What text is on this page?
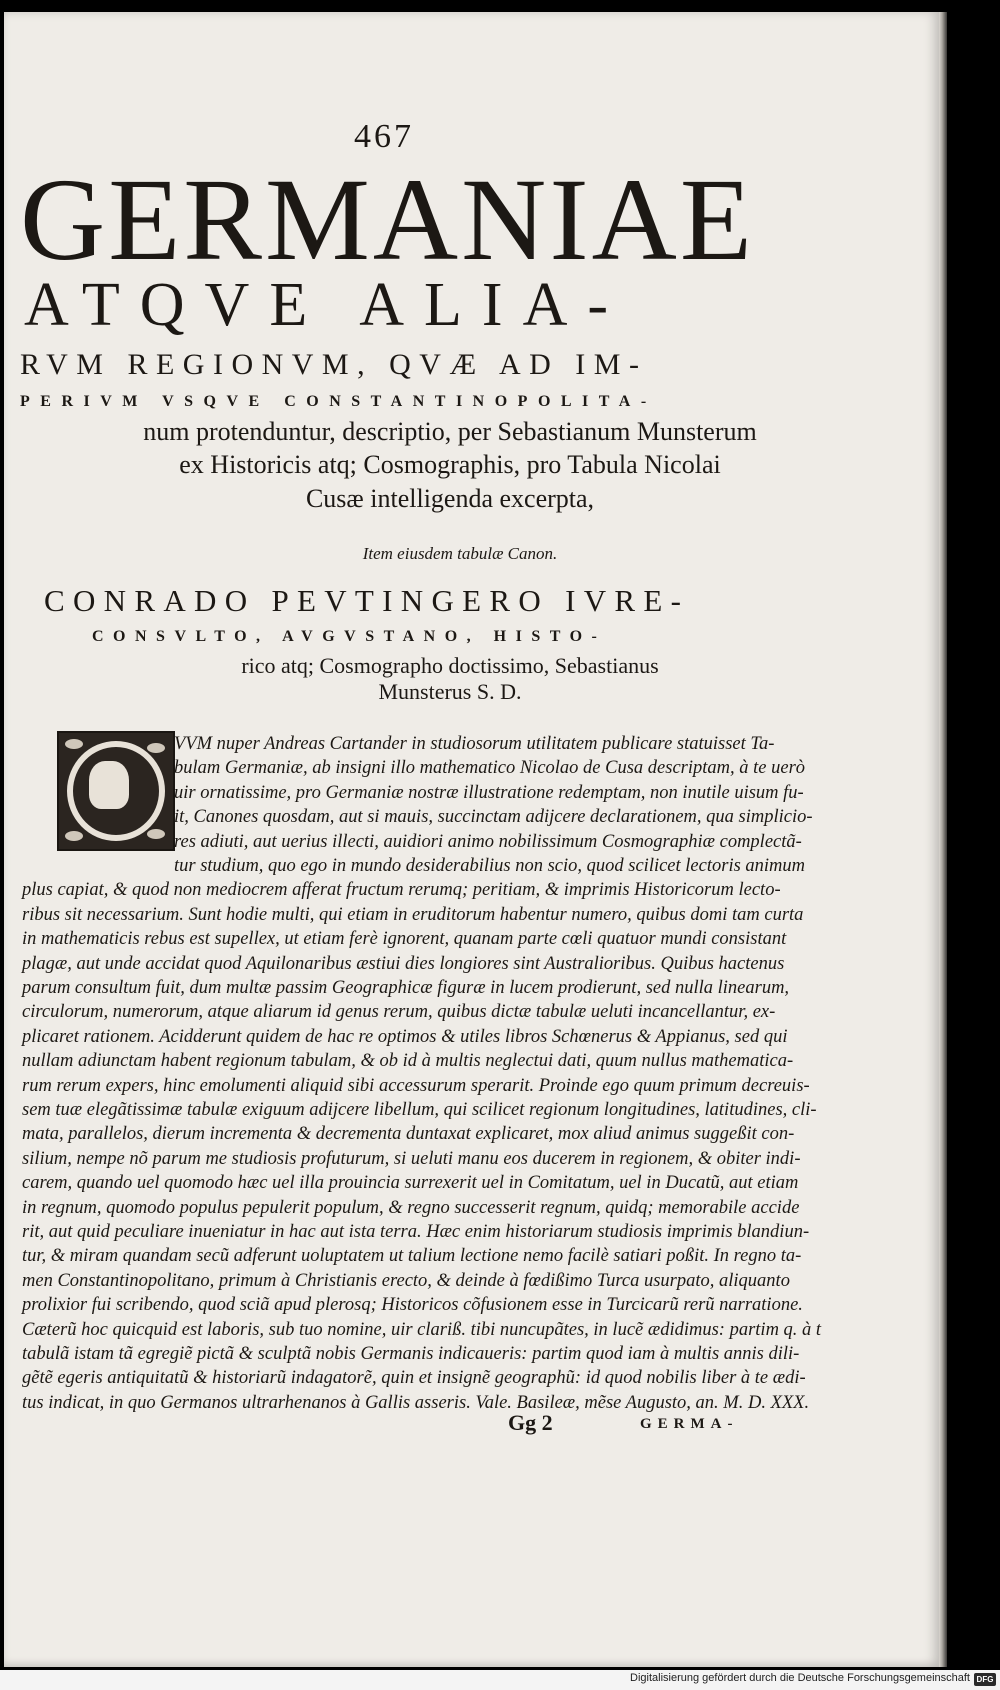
467
GERMANIAE
ATQVE ALIA-
RVM REGIONVM, QVÆ AD IM-
PERIVM VSQVE CONSTANTINOPOLITA-
num protenduntur, descriptio, per Sebastianum Munsterum
ex Historicis atq; Cosmographis, pro Tabula Nicolai
Cusæ intelligenda excerpta,
Item eiusdem tabulæ Canon.
CONRADO PEVTINGERO IVRE-
CONSVLTO, AVGVSTANO, HISTO-
rico atq; Cosmographo doctissimo, Sebastianus
Munsterus S. D.
VVM nuper Andreas Cartander in studiosorum utilitatem publicare statuisset Ta-
bulam Germaniæ, ab insigni illo mathematico Nicolao de Cusa descriptam, à te uerò
uir ornatissime, pro Germaniæ nostræ illustratione redemptam, non inutile uisum fu-
it, Canones quosdam, aut si mauis, succinctam adijcere declarationem, qua simplicio-
res adiuti, aut uerius illecti, auidiori animo nobilissimum Cosmographiæ complectã-
tur studium, quo ego in mundo desiderabilius non scio, quod scilicet lectoris animum
plus capiat, & quod non mediocrem afferat fructum rerumq; peritiam, & imprimis Historicorum lecto-
ribus sit necessarium. Sunt hodie multi, qui etiam in eruditorum habentur numero, quibus domi tam curta
in mathematicis rebus est supellex, ut etiam ferè ignorent, quanam parte cœli quatuor mundi consistant
plagæ, aut unde accidat quod Aquilonaribus æstiui dies longiores sint Australioribus. Quibus hactenus
parum consultum fuit, dum multæ passim Geographicæ figuræ in lucem prodierunt, sed nulla linearum,
circulorum, numerorum, atque aliarum id genus rerum, quibus dictæ tabulæ ueluti incancellantur, ex-
plicaret rationem. Acidderunt quidem de hac re optimos & utiles libros Schœnerus & Appianus, sed qui
nullam adiunctam habent regionum tabulam, & ob id à multis neglectui dati, quum nullus mathematica-
rum rerum expers, hinc emolumenti aliquid sibi accessurum sperarit. Proinde ego quum primum decreuis-
sem tuæ elegãtissimæ tabulæ exiguum adijcere libellum, qui scilicet regionum longitudines, latitudines, cli-
mata, parallelos, dierum incrementa & decrementa duntaxat explicaret, mox aliud animus suggeßit con-
silium, nempe nõ parum me studiosis profuturum, si ueluti manu eos ducerem in regionem, & obiter indi-
carem, quando uel quomodo hæc uel illa prouincia surrexerit uel in Comitatum, uel in Ducatũ, aut etiam
in regnum, quomodo populus pepulerit populum, & regno successerit regnum, quidq; memorabile accide
rit, aut quid peculiare inueniatur in hac aut ista terra. Hæc enim historiarum studiosis imprimis blandiun-
tur, & miram quandam secũ adferunt uoluptatem ut talium lectione nemo facilè satiari poßit. In regno ta-
men Constantinopolitano, primum à Christianis erecto, & deinde à fœdißimo Turca usurpato, aliquanto
prolixior fui scribendo, quod sciã apud plerosq; Historicos cõfusionem esse in Turcicarũ rerũ narratione.
Cæterũ hoc quicquid est laboris, sub tuo nomine, uir clariß. tibi nuncupãtes, in lucẽ ædidimus: partim q. à t
tabulã istam tã egregiẽ pictã & sculptã nobis Germanis indicaueris: partim quod iam à multis annis dili-
gẽtẽ egeris antiquitatũ & historiarũ indagatorẽ, quin et insignẽ geographũ: id quod nobilis liber à te ædi-
tus indicat, in quo Germanos ultrarhenanos à Gallis asseris. Vale. Basileæ, mẽse Augusto, an. M. D. XXX.
Gg 2	GERMA-
Digitalisierung gefördert durch die Deutsche Forschungsgemeinschaft DFG
